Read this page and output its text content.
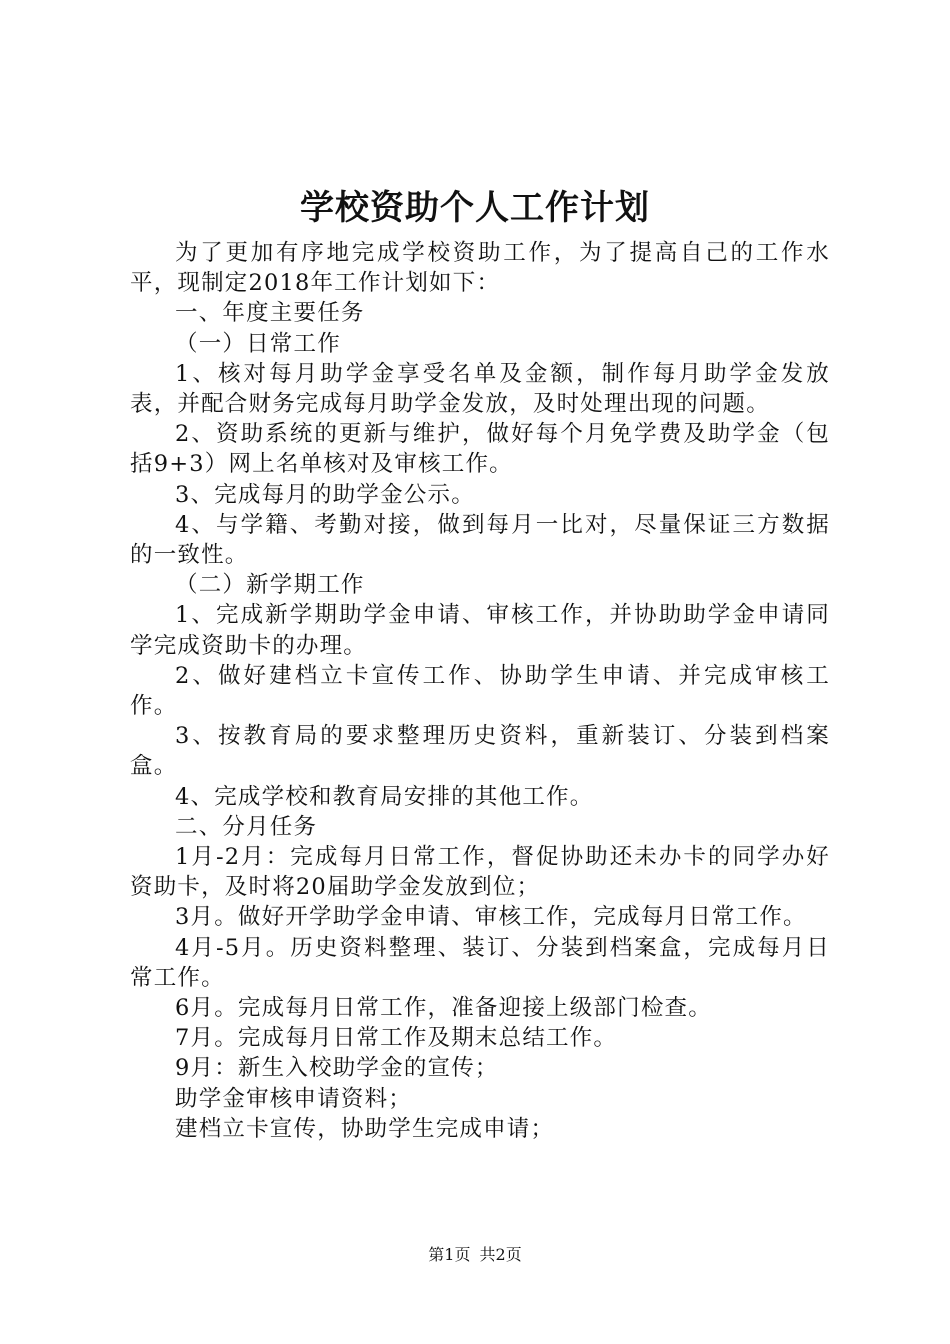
学校资助个人工作计划

为了更加有序地完成学校资助工作，为了提高自己的工作水平，现制定2018年工作计划如下：

一、年度主要任务

（一）日常工作

1、核对每月助学金享受名单及金额，制作每月助学金发放表，并配合财务完成每月助学金发放，及时处理出现的问题。

2、资助系统的更新与维护，做好每个月免学费及助学金（包括9+3）网上名单核对及审核工作。

3、完成每月的助学金公示。

4、与学籍、考勤对接，做到每月一比对，尽量保证三方数据的一致性。

（二）新学期工作

1、完成新学期助学金申请、审核工作，并协助助学金申请同学完成资助卡的办理。

2、做好建档立卡宣传工作、协助学生申请、并完成审核工作。

3、按教育局的要求整理历史资料，重新装订、分装到档案盒。

4、完成学校和教育局安排的其他工作。

二、分月任务

1月-2月：完成每月日常工作，督促协助还未办卡的同学办好资助卡，及时将20届助学金发放到位；

3月。做好开学助学金申请、审核工作，完成每月日常工作。

4月-5月。历史资料整理、装订、分装到档案盒，完成每月日常工作。

6月。完成每月日常工作，准备迎接上级部门检查。

7月。完成每月日常工作及期末总结工作。

9月：新生入校助学金的宣传；

助学金审核申请资料；

建档立卡宣传，协助学生完成申请；

第1页 共2页
